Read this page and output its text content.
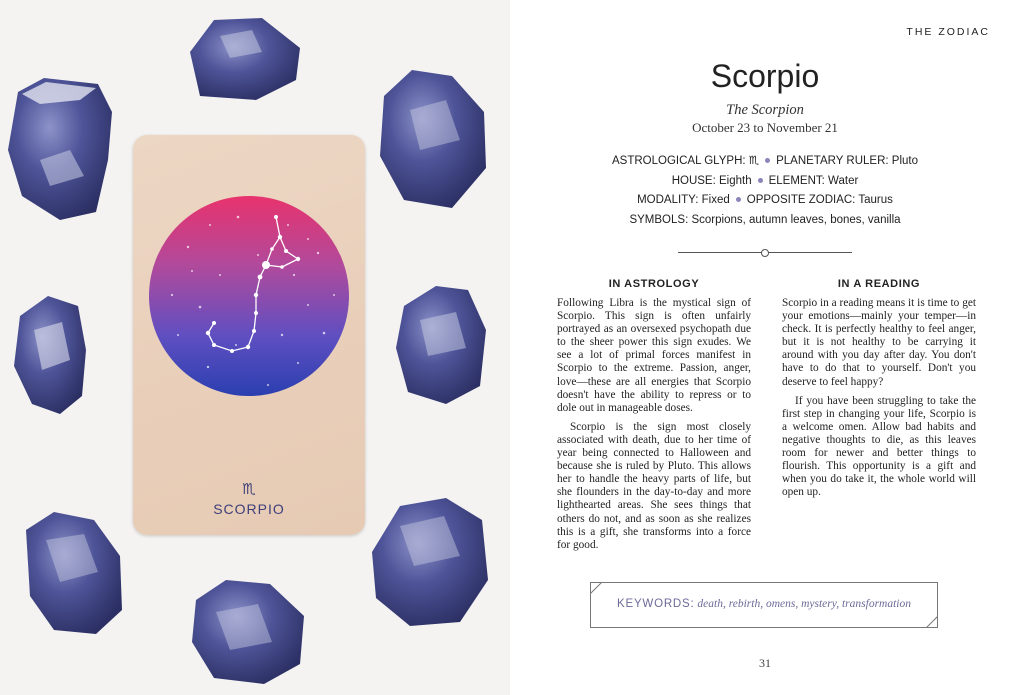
♏
SCORPIO
THE ZODIAC
Scorpio
The Scorpion
October 23 to November 21
ASTROLOGICAL GLYPH: ♏ PLANETARY RULER: Pluto
HOUSE: Eighth ELEMENT: Water
MODALITY: Fixed OPPOSITE ZODIAC: Taurus
SYMBOLS: Scorpions, autumn leaves, bones, vanilla
IN ASTROLOGY

Following Libra is the mystical sign of Scorpio. This sign is often unfairly portrayed as an oversexed psychopath due to the sheer power this sign exudes. We see a lot of primal forces manifest in Scorpio to the extreme. Passion, anger, love—these are all energies that Scorpio doesn't have the ability to repress or to dole out in manageable doses.

Scorpio is the sign most closely associated with death, due to her time of year being connected to Halloween and because she is ruled by Pluto. This allows her to handle the heavy parts of life, but she flounders in the day-to-day and more lighthearted areas. She sees things that others do not, and as soon as she realizes this is a gift, she transforms into a force for good.

IN A READING

Scorpio in a reading means it is time to get your emotions—mainly your temper—in check. It is perfectly healthy to feel anger, but it is not healthy to be carrying it around with you day after day. You don't have to do that to yourself. Don't you deserve to feel happy?

If you have been struggling to take the first step in changing your life, Scorpio is a welcome omen. Allow bad habits and negative thoughts to die, as this leaves room for newer and better things to flourish. This opportunity is a gift and when you do take it, the whole world will open up.

KEYWORDS: death, rebirth, omens, mystery, transformation
31
